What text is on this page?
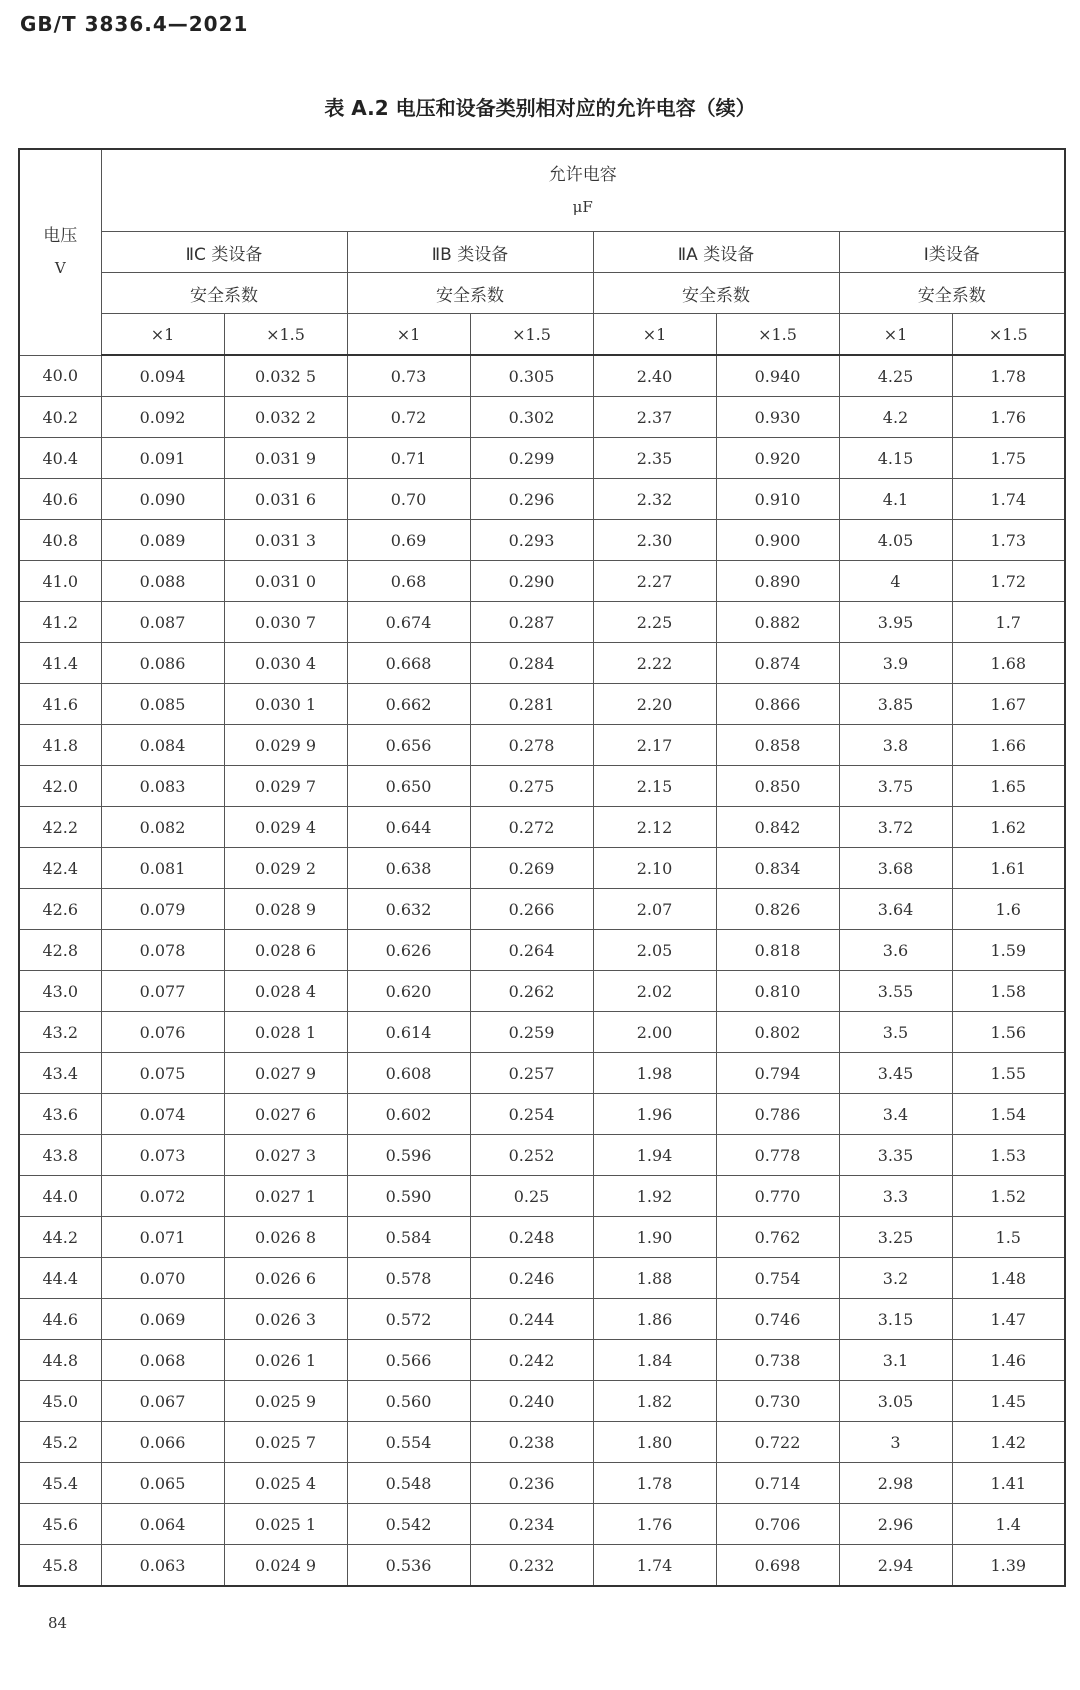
GB/T 3836.4—2021
表 A.2 电压和设备类别相对应的允许电容（续）
电压
V	允许电容
μF							

	ⅡC 类设备		ⅡB 类设备		ⅡA 类设备		Ⅰ类设备	
	安全系数		安全系数		安全系数		安全系数	
	×1	×1.5	×1	×1.5	×1	×1.5	×1	×1.5
40.0	0.094	0.032 5	0.73	0.305	2.40	0.940	4.25	1.78
40.2	0.092	0.032 2	0.72	0.302	2.37	0.930	4.2	1.76
40.4	0.091	0.031 9	0.71	0.299	2.35	0.920	4.15	1.75
40.6	0.090	0.031 6	0.70	0.296	2.32	0.910	4.1	1.74
40.8	0.089	0.031 3	0.69	0.293	2.30	0.900	4.05	1.73
41.0	0.088	0.031 0	0.68	0.290	2.27	0.890	4	1.72
41.2	0.087	0.030 7	0.674	0.287	2.25	0.882	3.95	1.7
41.4	0.086	0.030 4	0.668	0.284	2.22	0.874	3.9	1.68
41.6	0.085	0.030 1	0.662	0.281	2.20	0.866	3.85	1.67
41.8	0.084	0.029 9	0.656	0.278	2.17	0.858	3.8	1.66
42.0	0.083	0.029 7	0.650	0.275	2.15	0.850	3.75	1.65
42.2	0.082	0.029 4	0.644	0.272	2.12	0.842	3.72	1.62
42.4	0.081	0.029 2	0.638	0.269	2.10	0.834	3.68	1.61
42.6	0.079	0.028 9	0.632	0.266	2.07	0.826	3.64	1.6
42.8	0.078	0.028 6	0.626	0.264	2.05	0.818	3.6	1.59
43.0	0.077	0.028 4	0.620	0.262	2.02	0.810	3.55	1.58
43.2	0.076	0.028 1	0.614	0.259	2.00	0.802	3.5	1.56
43.4	0.075	0.027 9	0.608	0.257	1.98	0.794	3.45	1.55
43.6	0.074	0.027 6	0.602	0.254	1.96	0.786	3.4	1.54
43.8	0.073	0.027 3	0.596	0.252	1.94	0.778	3.35	1.53
44.0	0.072	0.027 1	0.590	0.25	1.92	0.770	3.3	1.52
44.2	0.071	0.026 8	0.584	0.248	1.90	0.762	3.25	1.5
44.4	0.070	0.026 6	0.578	0.246	1.88	0.754	3.2	1.48
44.6	0.069	0.026 3	0.572	0.244	1.86	0.746	3.15	1.47
44.8	0.068	0.026 1	0.566	0.242	1.84	0.738	3.1	1.46
45.0	0.067	0.025 9	0.560	0.240	1.82	0.730	3.05	1.45
45.2	0.066	0.025 7	0.554	0.238	1.80	0.722	3	1.42
45.4	0.065	0.025 4	0.548	0.236	1.78	0.714	2.98	1.41
45.6	0.064	0.025 1	0.542	0.234	1.76	0.706	2.96	1.4
45.8	0.063	0.024 9	0.536	0.232	1.74	0.698	2.94	1.39
84
